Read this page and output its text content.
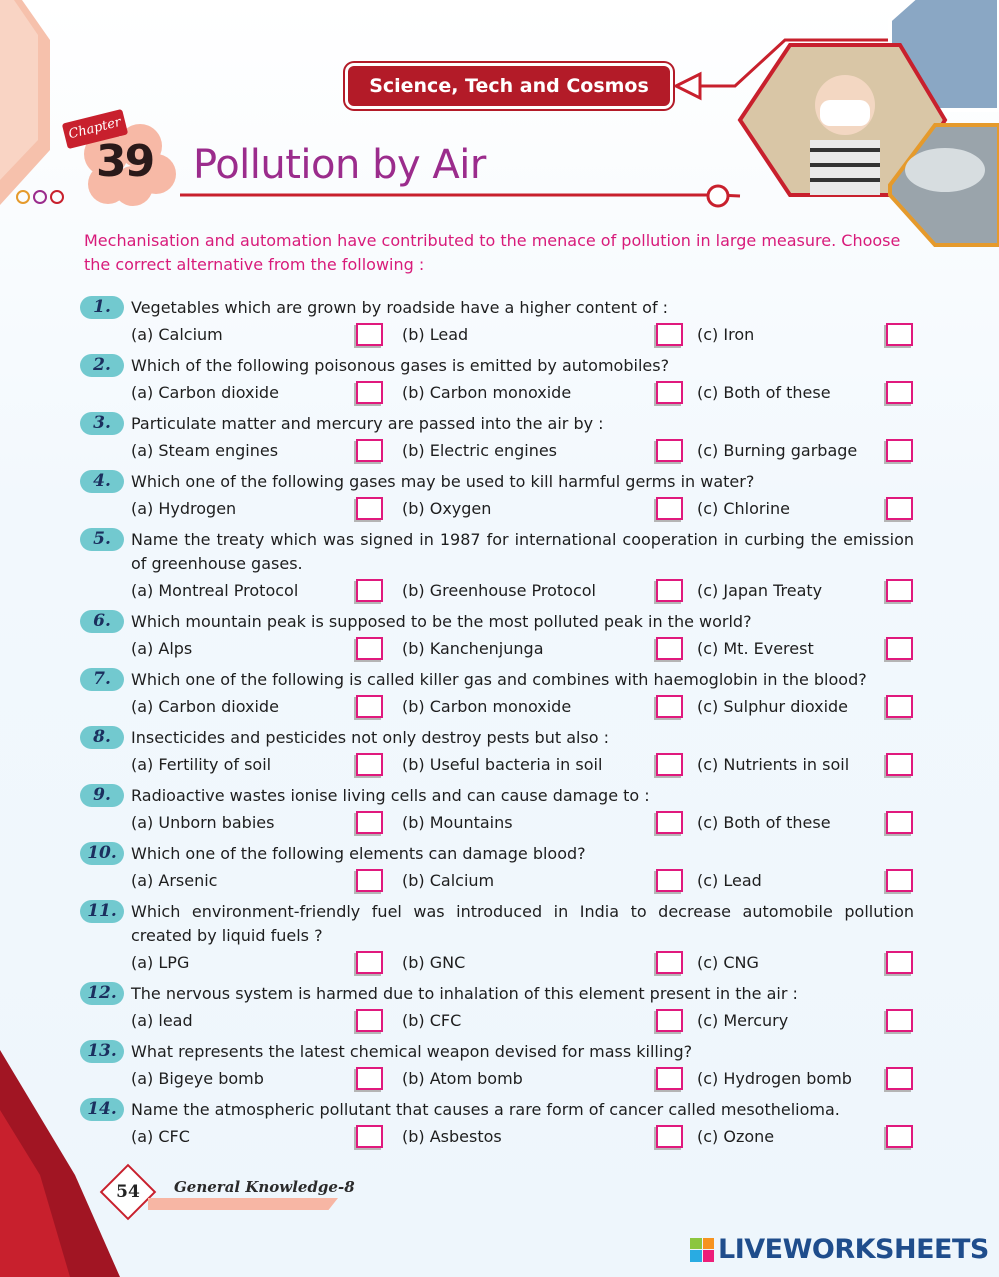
Science, Tech and Cosmos
Chapter
39 Pollution by Air
Mechanisation and automation have contributed to the menace of pollution in large measure. Choose the correct alternative from the following :
1.	Vegetables which are grown by roadside have a higher content of :
(a) Calcium	(b) Lead	(c) Iron
2.	Which of the following poisonous gases is emitted by automobiles?
(a) Carbon dioxide	(b) Carbon monoxide	(c) Both of these
3.	Particulate matter and mercury are passed into the air by :
(a) Steam engines	(b) Electric engines	(c) Burning garbage
4.	Which one of the following gases may be used to kill harmful germs in water?
(a) Hydrogen	(b) Oxygen	(c) Chlorine
5.	Name the treaty which was signed in 1987 for international cooperation in curbing the emission of greenhouse gases.
(a) Montreal Protocol	(b) Greenhouse Protocol	(c) Japan Treaty
6.	Which mountain peak is supposed to be the most polluted peak in the world?
(a) Alps	(b) Kanchenjunga	(c) Mt. Everest
7.	Which one of the following is called killer gas and combines with haemoglobin in the blood?
(a) Carbon dioxide	(b) Carbon monoxide	(c) Sulphur dioxide
8.	Insecticides and pesticides not only destroy pests but also :
(a) Fertility of soil	(b) Useful bacteria in soil	(c) Nutrients in soil
9.	Radioactive wastes ionise living cells and can cause damage to :
(a) Unborn babies	(b) Mountains	(c) Both of these
10. Which one of the following elements can damage blood?
(a) Arsenic	(b) Calcium	(c) Lead
11. Which environment-friendly fuel was introduced in India to decrease automobile pollution created by liquid fuels ?
(a) LPG	(b) GNC	(c) CNG
12. The nervous system is harmed due to inhalation of this element present in the air :
(a) lead	(b) CFC	(c) Mercury
13. What represents the latest chemical weapon devised for mass killing?
(a) Bigeye bomb	(b) Atom bomb	(c) Hydrogen bomb
14. Name the atmospheric pollutant that causes a rare form of cancer called mesothelioma.
(a) CFC	(b) Asbestos	(c) Ozone
54	General Knowledge-8
LIVEWORKSHEETS
